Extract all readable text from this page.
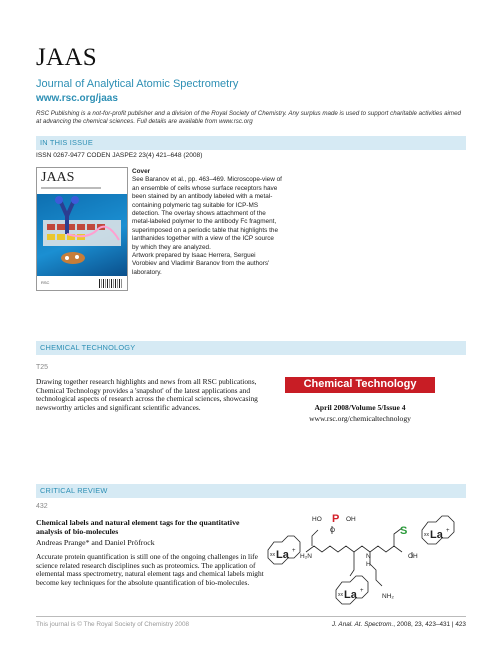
JAAS
Journal of Analytical Atomic Spectrometry
www.rsc.org/jaas
RSC Publishing is a not-for-profit publisher and a division of the Royal Society of Chemistry. Any surplus made is used to support charitable activities aimed at advancing the chemical sciences. Full details are available from www.rsc.org
IN THIS ISSUE
ISSN 0267-9477 CODEN JASPE2 23(4) 421–648 (2008)
JAAS
RSC
Cover
See Baranov et al., pp. 463–469. Microscope-view of an ensemble of cells whose surface receptors have been stained by an antibody labeled with a metal-containing polymeric tag suitable for ICP-MS detection. The overlay shows attachment of the metal-labeled polymer to the antibody Fc fragment, superimposed on a periodic table that highlights the lanthanides together with a view of the ICP source by which they are analyzed.
Artwork prepared by Isaac Herrera, Serguei Vorobiev and Vladimir Baranov from the authors' laboratory.
CHEMICAL TECHNOLOGY
T25
Drawing together research highlights and news from all RSC publications, Chemical Technology provides a 'snapshot' of the latest applications and technological aspects of research across the chemical sciences, showcasing newsworthy articles and significant scientific advances.
Chemical Technology
April 2008/Volume 5/Issue 4
www.rsc.org/chemicaltechnology
CRITICAL REVIEW
432
Chemical labels and natural element tags for the quantitative analysis of bio-molecules
Andreas Prange* and Daniel Pröfrock
Accurate protein quantification is still one of the ongoing challenges in life science related research disciplines such as proteomics. The application of elemental mass spectrometry, natural element tags and chemical labels might become key techniques for the absolute quantification of bio-molecules.
HO	OH
O
H₂N	N
H
OH
NH₂
P
S
xx La +
xx La +
xx La +
This journal is © The Royal Society of Chemistry 2008	J. Anal. At. Spectrom., 2008, 23, 423–431 | 423
